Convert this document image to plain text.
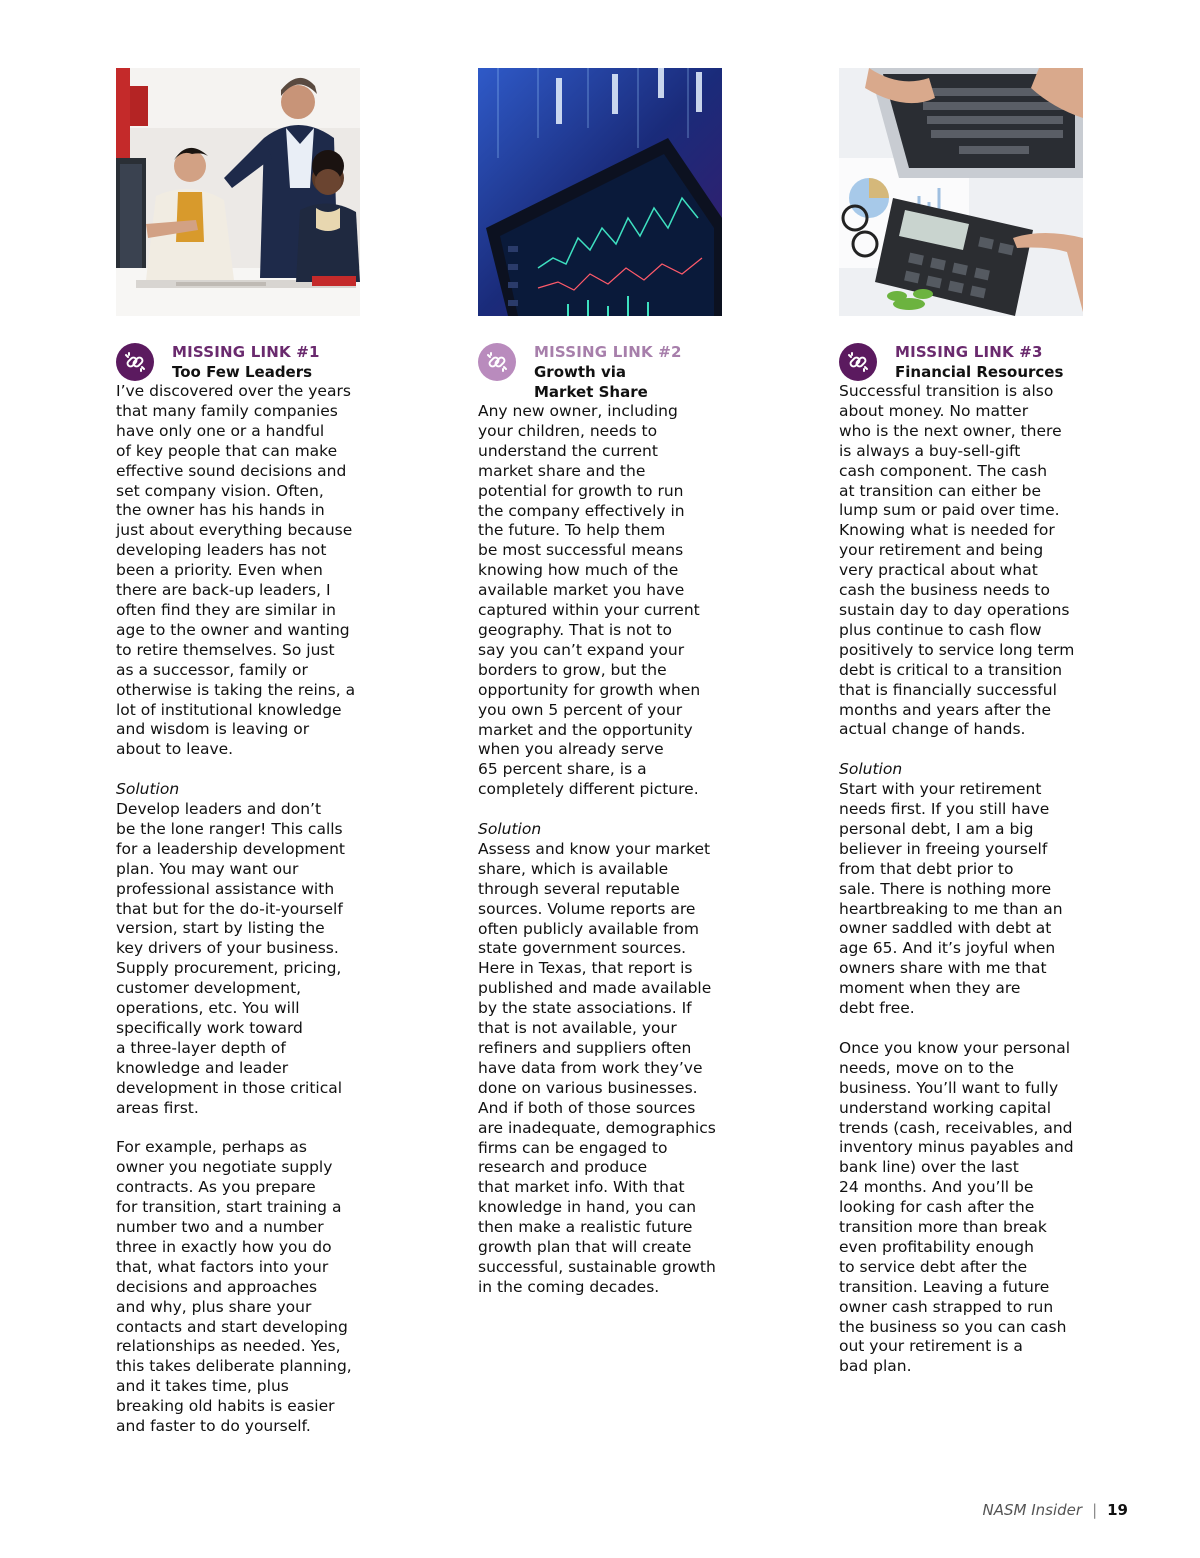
MISSING LINK #1
Too Few Leaders

I’ve discovered over the years
that many family companies
have only one or a handful
of key people that can make
effective sound decisions and
set company vision. Often,
the owner has his hands in
just about everything because
developing leaders has not
been a priority. Even when
there are back-up leaders, I
often find they are similar in
age to the owner and wanting
to retire themselves. So just
as a successor, family or
otherwise is taking the reins, a
lot of institutional knowledge
and wisdom is leaving or
about to leave.

Solution

Develop leaders and don’t
be the lone ranger! This calls
for a leadership development
plan. You may want our
professional assistance with
that but for the do-it-yourself
version, start by listing the
key drivers of your business.
Supply procurement, pricing,
customer development,
operations, etc. You will
specifically work toward
a three-layer depth of
knowledge and leader
development in those critical
areas first.

For example, perhaps as
owner you negotiate supply
contracts. As you prepare
for transition, start training a
number two and a number
three in exactly how you do
that, what factors into your
decisions and approaches
and why, plus share your
contacts and start developing
relationships as needed. Yes,
this takes deliberate planning,
and it takes time, plus
breaking old habits is easier
and faster to do yourself.

MISSING LINK #2
Growth via
Market Share

Any new owner, including
your children, needs to
understand the current
market share and the
potential for growth to run
the company effectively in
the future. To help them
be most successful means
knowing how much of the
available market you have
captured within your current
geography. That is not to
say you can’t expand your
borders to grow, but the
opportunity for growth when
you own 5 percent of your
market and the opportunity
when you already serve
65 percent share, is a
completely different picture.

Solution

Assess and know your market
share, which is available
through several reputable
sources. Volume reports are
often publicly available from
state government sources.
Here in Texas, that report is
published and made available
by the state associations. If
that is not available, your
refiners and suppliers often
have data from work they’ve
done on various businesses.
And if both of those sources
are inadequate, demographics
firms can be engaged to
research and produce
that market info. With that
knowledge in hand, you can
then make a realistic future
growth plan that will create
successful, sustainable growth
in the coming decades.

MISSING LINK #3
Financial Resources

Successful transition is also
about money. No matter
who is the next owner, there
is always a buy-sell-gift
cash component. The cash
at transition can either be
lump sum or paid over time.
Knowing what is needed for
your retirement and being
very practical about what
cash the business needs to
sustain day to day operations
plus continue to cash flow
positively to service long term
debt is critical to a transition
that is financially successful
months and years after the
actual change of hands.

Solution

Start with your retirement
needs first. If you still have
personal debt, I am a big
believer in freeing yourself
from that debt prior to
sale. There is nothing more
heartbreaking to me than an
owner saddled with debt at
age 65. And it’s joyful when
owners share with me that
moment when they are
debt free.

Once you know your personal
needs, move on to the
business. You’ll want to fully
understand working capital
trends (cash, receivables, and
inventory minus payables and
bank line) over the last
24 months. And you’ll be
looking for cash after the
transition more than break
even profitability enough
to service debt after the
transition. Leaving a future
owner cash strapped to run
the business so you can cash
out your retirement is a
bad plan.

NASM Insider | 19
